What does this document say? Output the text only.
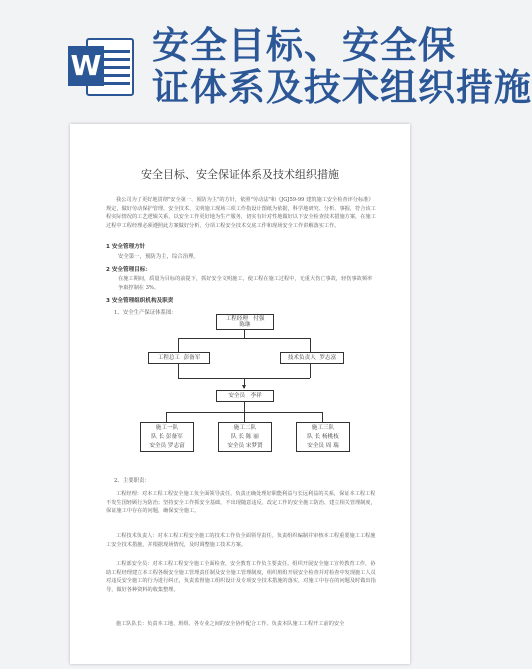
W 安全目标、安全保
证体系及技术组织措施
安全目标、安全保证体系及技术组织措施
我公司为了更好地贯彻"安全第一、预防为主"的方针，依照"劳动法"和《JGJ59-99 建筑施工安全检查评分标准》规定，做好劳动保护管理，安全技术、文明施工现场三项工作指设计图纸为依据，科学地研究、分析、事握，符合该工程实际情况的工艺逻辑关系，以安全工作更好地为生产服务，切实有针对性地做好以下安全检查技术措施方案，在施工过程中工程经理必须遵照此方案做好分析，分项工程安全技术交底工作和现场安全工作讲解落实工作。
1 安全管理方针
安全第一，预防为主，综合治理。
2 安全管理目标：
在施工期间，质量为目标的前提下，抓好安全文明施工，使工程在施工过程中，无重大伤亡事故，轻伤事故频率争取控制在 3%。
3 安全管理组织机构及职责
1、安全生产保证体系图：
工程经理 付强
陈继
工程总工 彭备军	技术负责人 罗志富
安全员 李祥
施工一队
队 长 彭备军
安全员 罗志富
施工二队
队 长 陈 丽
安全员 宋梦贤
施工三队
队 长 杨桃枝
安全员 周 瑞
2、主要职责：
工程经理：对本工程工程安全施工负全面领导责任。负责正确处理好职能利益与长远利益的关系，保证本工程工程不发生国轻顾行为防治；坚持安全工作抓安全基础，不出现随意违反、改定工作的安全施工防治、建立相关管理制度，保证施工中存在的问题，确保安全施工。
工程技术负责人：对本工程工程安全施工的技术工作负全面领导责任。负责组织编制并审核本工程重要施工工程施工安全技术措施，并根据现场情况，及时调整施工技术方案。
工程部安全员：对本工程工程安全施工全面检查，安全教育工作负主要责任。组织开展安全施工宣传教育工作，协助工程经理建立本工程各级安全施工管理责任制及安全施工管理制度，组织班组开展安全检查并对检查中发现施工人员对违反安全施工的行为进行纠正，负责监督施工组织设计及专项安全技术措施的落实，对施工中存在的问题及时做出指导，做好各种资料的收集整理。
施工队队长：负责本工地、班组、各专业之间的安全协作配合工作。负责本队施工工程开工前的安全
